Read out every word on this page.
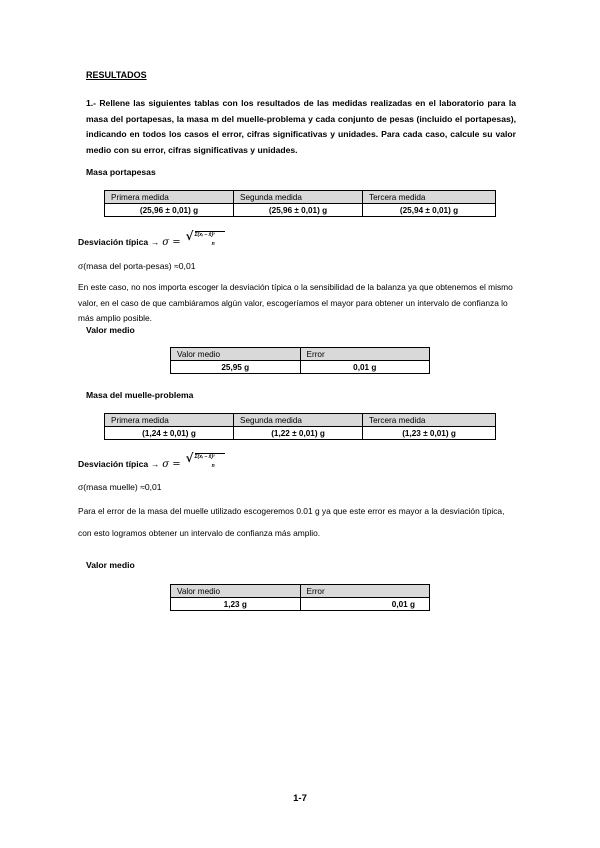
RESULTADOS
1.- Rellene las siguientes tablas con los resultados de las medidas realizadas en el laboratorio para la masa del portapesas, la masa m del muelle-problema y cada conjunto de pesas (incluido el portapesas), indicando en todos los casos el error, cifras significativas y unidades. Para cada caso, calcule su valor medio con su error, cifras significativas y unidades.
Masa portapesas
Primera medida	Segunda medida	Tercera medida
(25,96 ± 0,01) g	(25,96 ± 0,01) g	(25,94 ± 0,01) g
Desviación típica → σ = √ Σ(xᵢ − x̄)²
n
σ(masa del porta-pesas) ≈0,01
En este caso, no nos importa escoger la desviación típica o la sensibilidad de la balanza ya que obtenemos el mismo valor, en el caso de que cambiáramos algún valor, escogeríamos el mayor para obtener un intervalo de confianza lo más amplio posible.
Valor medio
Valor medio	Error
25,95 g	0,01 g
Masa del muelle-problema
Primera medida	Segunda medida	Tercera medida
(1,24 ± 0,01) g	(1,22 ± 0,01) g	(1,23 ± 0,01) g
Desviación típica → σ = √ Σ(xᵢ − x̄)²
n
σ(masa muelle) ≈0,01
Para el error de la masa del muelle utilizado escogeremos 0.01 g ya que este error es mayor a la desviación típica, con esto logramos obtener un intervalo de confianza más amplio.
Valor medio
Valor medio	Error
1,23 g	0,01 g
1-7
